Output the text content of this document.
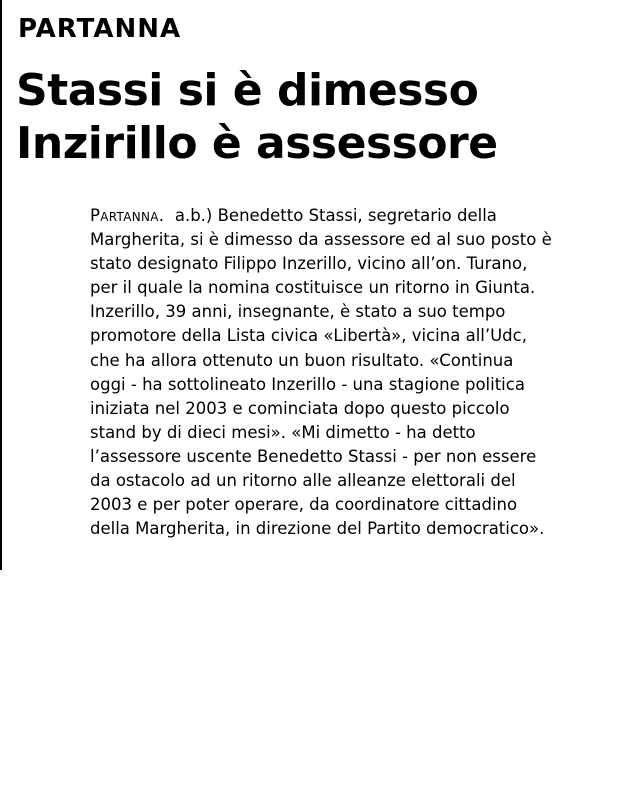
PARTANNA
Stassi si è dimesso
Inzirillo è assessore
Partanna. a.b.) Benedetto Stassi, segretario della
Margherita, si è dimesso da assessore ed al suo posto è
stato designato Filippo Inzerillo, vicino all’on. Turano,
per il quale la nomina costituisce un ritorno in Giunta.
Inzerillo, 39 anni, insegnante, è stato a suo tempo
promotore della Lista civica «Libertà», vicina all’Udc,
che ha allora ottenuto un buon risultato. «Continua
oggi - ha sottolineato Inzerillo - una stagione politica
iniziata nel 2003 e cominciata dopo questo piccolo
stand by di dieci mesi». «Mi dimetto - ha detto
l’assessore uscente Benedetto Stassi - per non essere
da ostacolo ad un ritorno alle alleanze elettorali del
2003 e per poter operare, da coordinatore cittadino
della Margherita, in direzione del Partito democratico».
